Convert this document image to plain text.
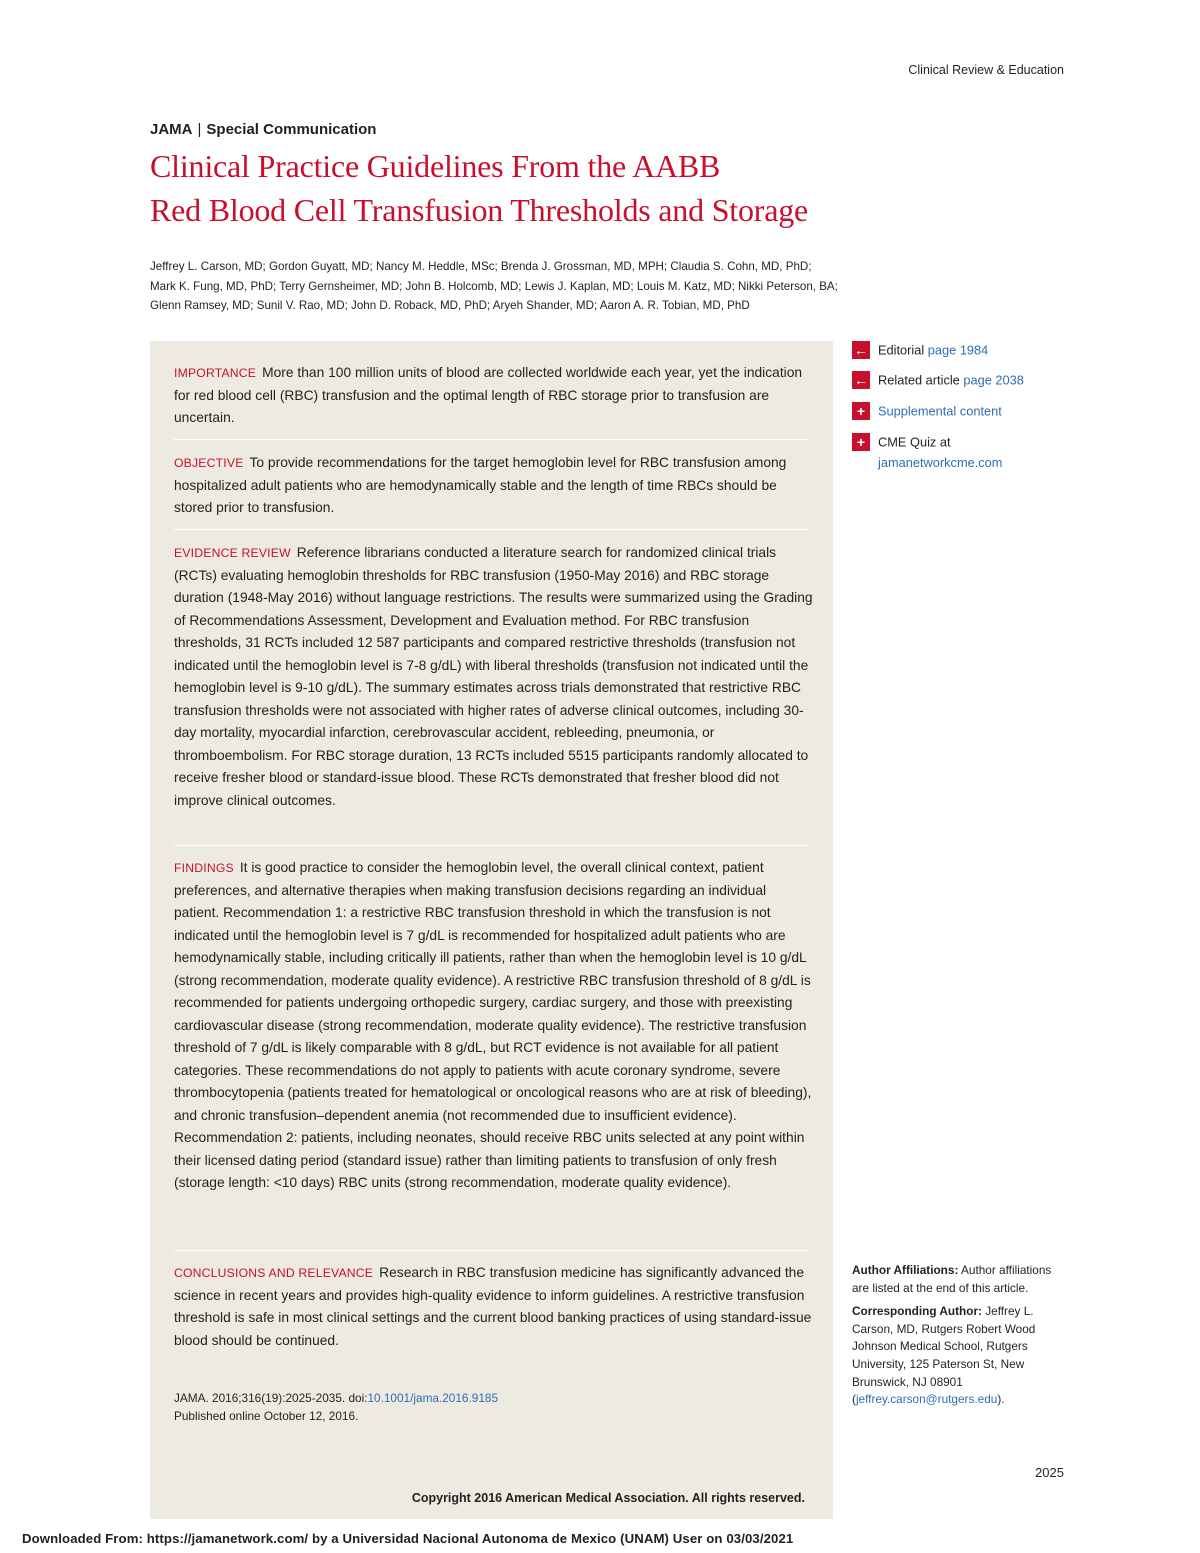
Clinical Review & Education
JAMA | Special Communication
Clinical Practice Guidelines From the AABB
Red Blood Cell Transfusion Thresholds and Storage
Jeffrey L. Carson, MD; Gordon Guyatt, MD; Nancy M. Heddle, MSc; Brenda J. Grossman, MD, MPH; Claudia S. Cohn, MD, PhD;
Mark K. Fung, MD, PhD; Terry Gernsheimer, MD; John B. Holcomb, MD; Lewis J. Kaplan, MD; Louis M. Katz, MD; Nikki Peterson, BA;
Glenn Ramsey, MD; Sunil V. Rao, MD; John D. Roback, MD, PhD; Aryeh Shander, MD; Aaron A. R. Tobian, MD, PhD
IMPORTANCE More than 100 million units of blood are collected worldwide each year, yet the indication for red blood cell (RBC) transfusion and the optimal length of RBC storage prior to transfusion are uncertain.
OBJECTIVE To provide recommendations for the target hemoglobin level for RBC transfusion among hospitalized adult patients who are hemodynamically stable and the length of time RBCs should be stored prior to transfusion.
EVIDENCE REVIEW Reference librarians conducted a literature search for randomized clinical trials (RCTs) evaluating hemoglobin thresholds for RBC transfusion (1950-May 2016) and RBC storage duration (1948-May 2016) without language restrictions. The results were summarized using the Grading of Recommendations Assessment, Development and Evaluation method. For RBC transfusion thresholds, 31 RCTs included 12 587 participants and compared restrictive thresholds (transfusion not indicated until the hemoglobin level is 7-8 g/dL) with liberal thresholds (transfusion not indicated until the hemoglobin level is 9-10 g/dL). The summary estimates across trials demonstrated that restrictive RBC transfusion thresholds were not associated with higher rates of adverse clinical outcomes, including 30-day mortality, myocardial infarction, cerebrovascular accident, rebleeding, pneumonia, or thromboembolism. For RBC storage duration, 13 RCTs included 5515 participants randomly allocated to receive fresher blood or standard-issue blood. These RCTs demonstrated that fresher blood did not improve clinical outcomes.
FINDINGS It is good practice to consider the hemoglobin level, the overall clinical context, patient preferences, and alternative therapies when making transfusion decisions regarding an individual patient. Recommendation 1: a restrictive RBC transfusion threshold in which the transfusion is not indicated until the hemoglobin level is 7 g/dL is recommended for hospitalized adult patients who are hemodynamically stable, including critically ill patients, rather than when the hemoglobin level is 10 g/dL (strong recommendation, moderate quality evidence). A restrictive RBC transfusion threshold of 8 g/dL is recommended for patients undergoing orthopedic surgery, cardiac surgery, and those with preexisting cardiovascular disease (strong recommendation, moderate quality evidence). The restrictive transfusion threshold of 7 g/dL is likely comparable with 8 g/dL, but RCT evidence is not available for all patient categories. These recommendations do not apply to patients with acute coronary syndrome, severe thrombocytopenia (patients treated for hematological or oncological reasons who are at risk of bleeding), and chronic transfusion–dependent anemia (not recommended due to insufficient evidence). Recommendation 2: patients, including neonates, should receive RBC units selected at any point within their licensed dating period (standard issue) rather than limiting patients to transfusion of only fresh (storage length: <10 days) RBC units (strong recommendation, moderate quality evidence).
CONCLUSIONS AND RELEVANCE Research in RBC transfusion medicine has significantly advanced the science in recent years and provides high-quality evidence to inform guidelines. A restrictive transfusion threshold is safe in most clinical settings and the current blood banking practices of using standard-issue blood should be continued.
JAMA. 2016;316(19):2025-2035. doi:10.1001/jama.2016.9185
Published online October 12, 2016.
Copyright 2016 American Medical Association. All rights reserved.
← Editorial page 1984
← Related article page 2038
+ Supplemental content
+ CME Quiz at
jamanetworkcme.com
Author Affiliations: Author affiliations are listed at the end of this article.
Corresponding Author: Jeffrey L. Carson, MD, Rutgers Robert Wood Johnson Medical School, Rutgers University, 125 Paterson St, New Brunswick, NJ 08901 (jeffrey.carson@rutgers.edu).
2025
Downloaded From: https://jamanetwork.com/ by a Universidad Nacional Autonoma de Mexico (UNAM) User on 03/03/2021
